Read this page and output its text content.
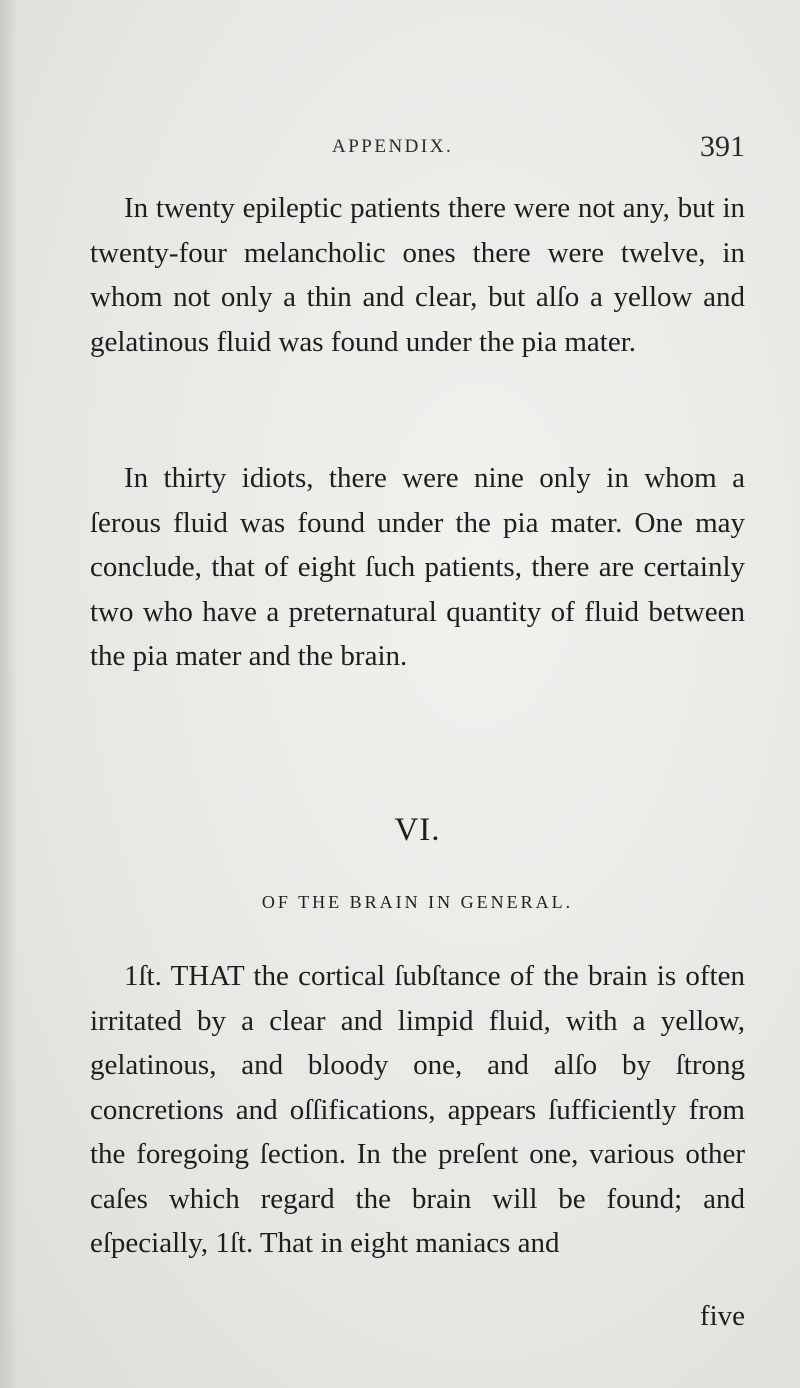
APPENDIX.	391

In twenty epileptic patients there were not any, but in twenty-four melancholic ones there were twelve, in whom not only a thin and clear, but alſo a yellow and gelatinous fluid was found under the pia mater.

In thirty idiots, there were nine only in whom a ſerous fluid was found under the pia mater. One may conclude, that of eight ſuch patients, there are certainly two who have a preternatural quantity of fluid between the pia mater and the brain.

VI.
OF THE BRAIN IN GENERAL.

1ſt. THAT the cortical ſubſtance of the brain is often irritated by a clear and limpid fluid, with a yellow, gelatinous, and bloody one, and alſo by ſtrong concretions and oſſifications, appears ſufficiently from the foregoing ſection. In the preſent one, various other caſes which regard the brain will be found; and eſpecially, 1ſt. That in eight maniacs and

five
